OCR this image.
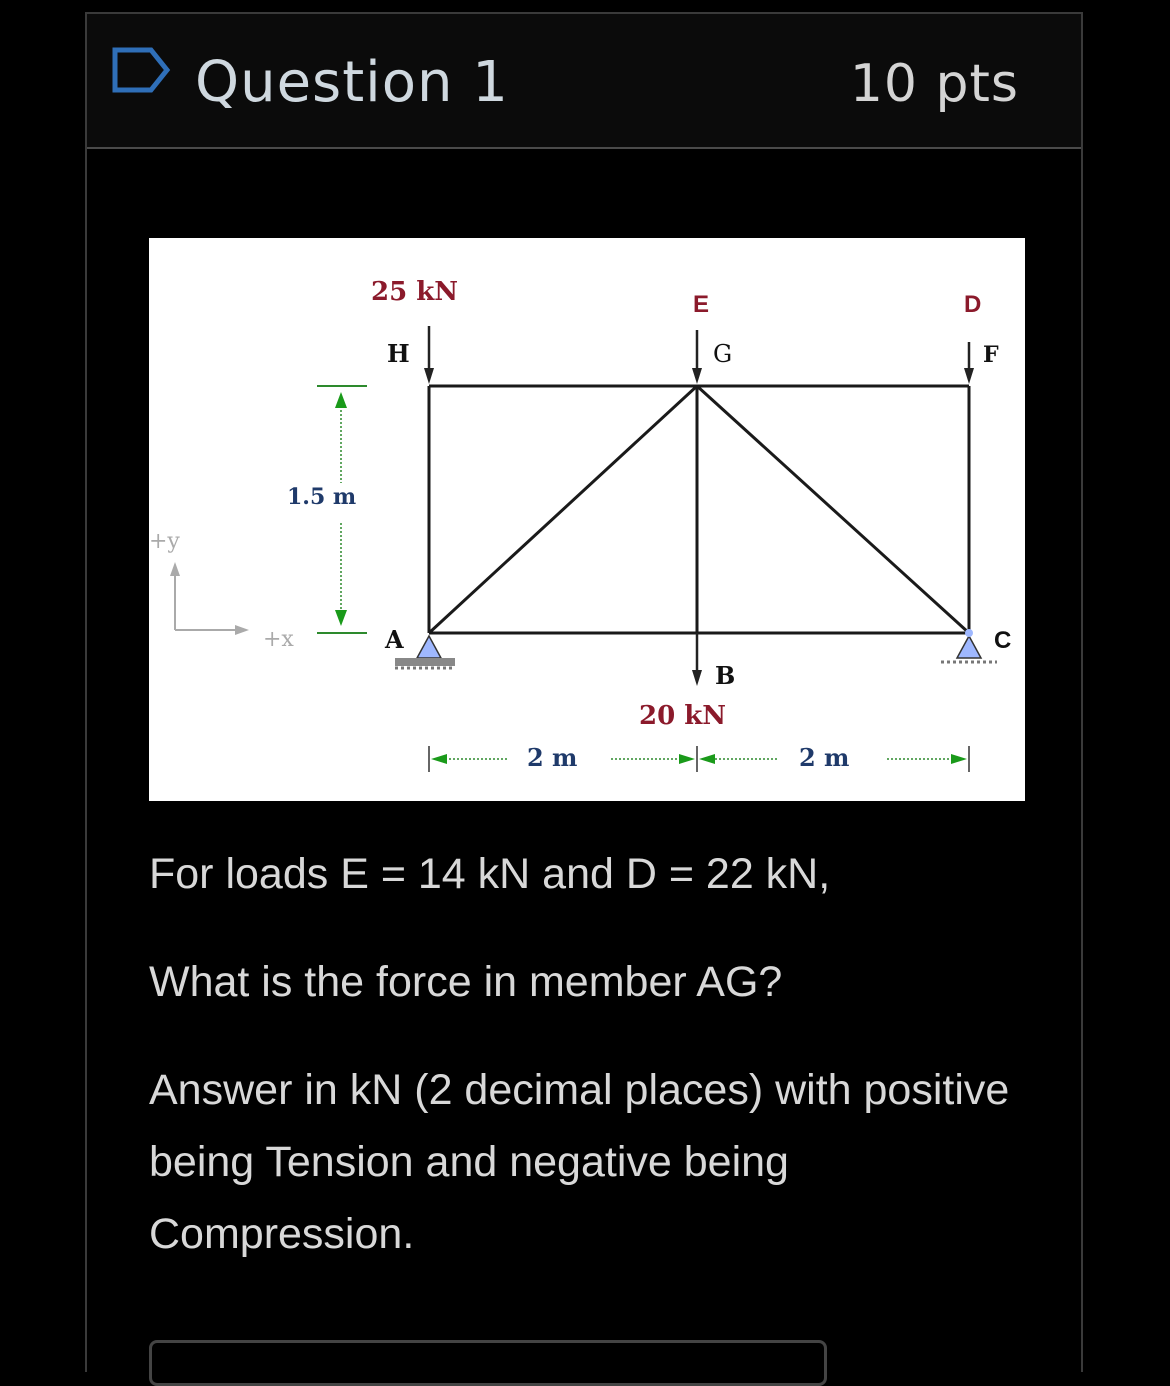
Question 1	10 pts
25 kN	E	D
H	G	F
A
B
C
20 kN
1.5 m
2 m	2 m
+y
+x
For loads E = 14 kN and D = 22 kN,
What is the force in member AG?
Answer in kN (2 decimal places) with positive being Tension and negative being Compression.
